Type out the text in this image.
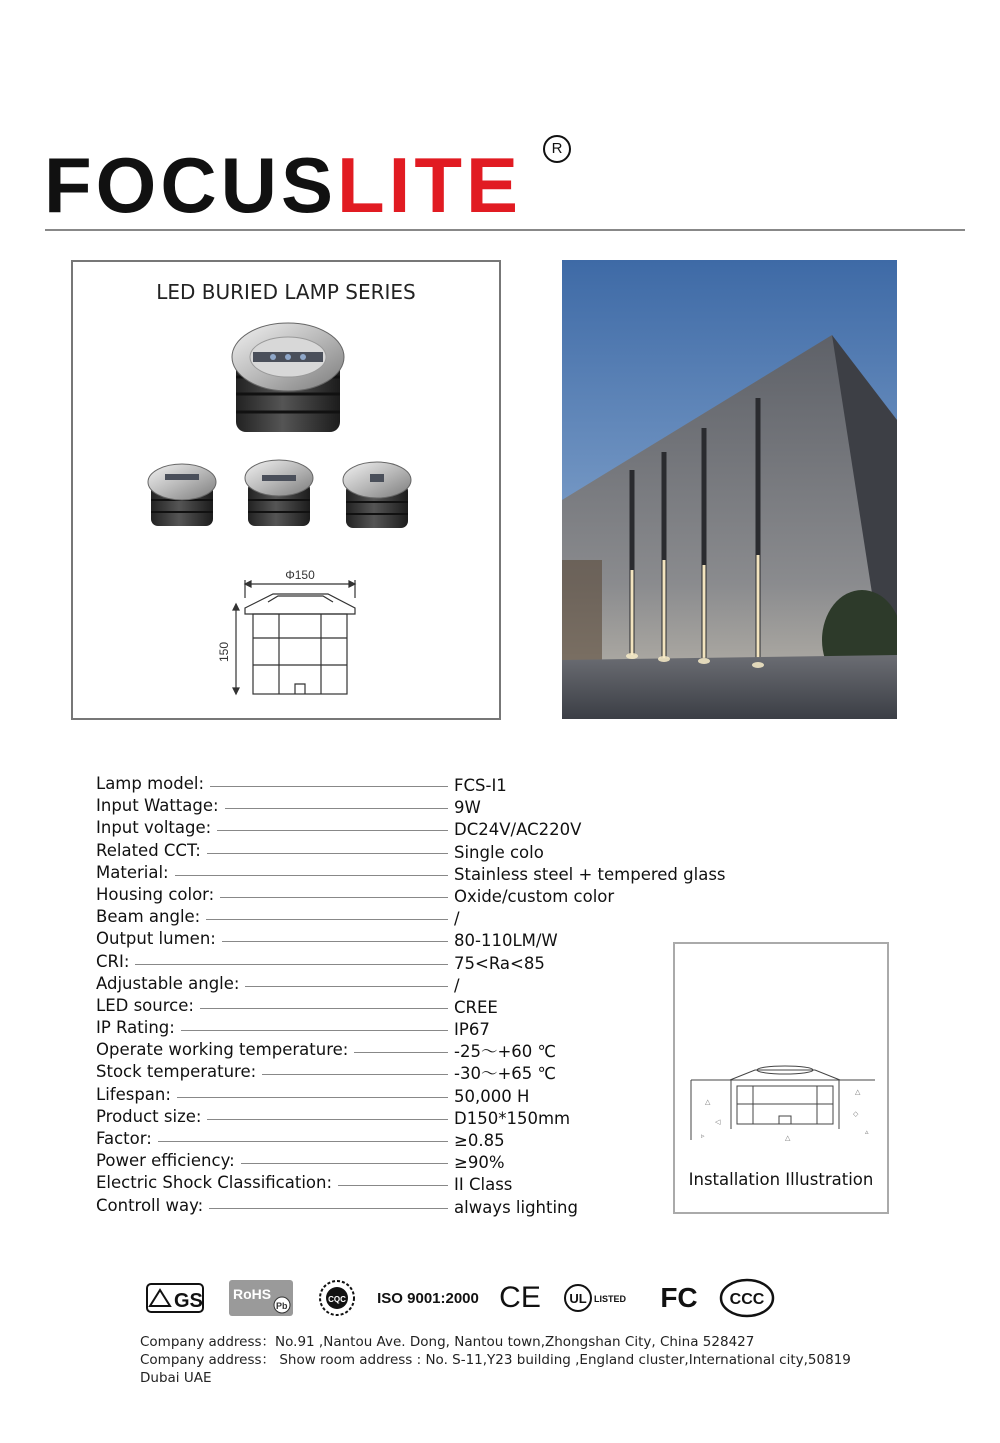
FOCUSLITE	R
LED BURIED LAMP SERIES
Φ150
150
Lamp model:	FCS-I1
Input Wattage:	9W
Input voltage:	DC24V/AC220V
Related CCT:	Single colo
Material:	Stainless steel + tempered glass
Housing color:	Oxide/custom color
Beam angle:	/
Output lumen:	80-110LM/W
CRI:	75<Ra<85
Adjustable angle:	/
LED source:	CREE
IP Rating:	IP67
Operate working temperature:	-25～+60 ℃
Stock temperature:	-30～+65 ℃
Lifespan:	50,000 H
Product size:	D150*150mm
Factor:	≥0.85
Power efficiency:	≥90%
Electric Shock Classification:	II Class
Controll way:	always lighting
△
◁
△
◇
▹	▵
△
Installation Illustration
GS RoHS
Pb
CQC ISO 9001:2000 CE UL LISTED FC CCC
Company address：No.91 ,Nantou Ave. Dong, Nantou town,Zhongshan City, China 528427
Company address： Show room address : No. S-11,Y23 building ,England cluster,International city,50819 Dubai UAE
